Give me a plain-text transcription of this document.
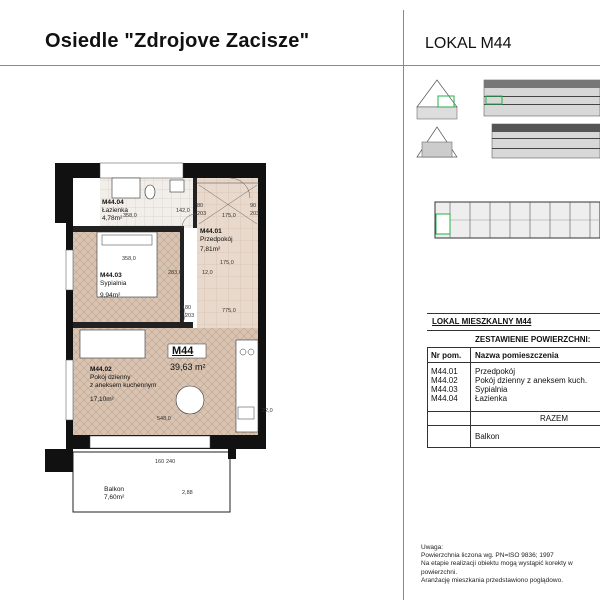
Osiedle "Zdrojove Zacisze"	LOKAL M44
M44.04
Łazienka
4,78m²
M44.01
Przedpokój
7,81m²
M44.03
Sypialnia
9,94m²
M44.02
Pokój dzienny
z aneksem kuchennym
17,10m²
M44
39,63 m²
Balkon
7,60m²
358,0
142,0
175,0
175,0
358,0
283,0	12,0
775,0
548,0
2,88
80
203
90
203
80
203
160 240
22,0
LOKAL MIESZKALNY M44
ZESTAWIENIE POWIERZCHNI:
Nr pom. Nazwa pomieszczenia
M44.01 Przedpokój
M44.02 Pokój dzienny z aneksem kuch.
M44.03 Sypialnia
M44.04 Łazienka
RAZEM
Balkon
Uwaga:
Powierzchnia liczona wg. PN=ISO 9836; 1997
Na etapie realizacji obiektu mogą wystąpić korekty w powierzchni.
Aranżację mieszkania przedstawiono poglądowo.
